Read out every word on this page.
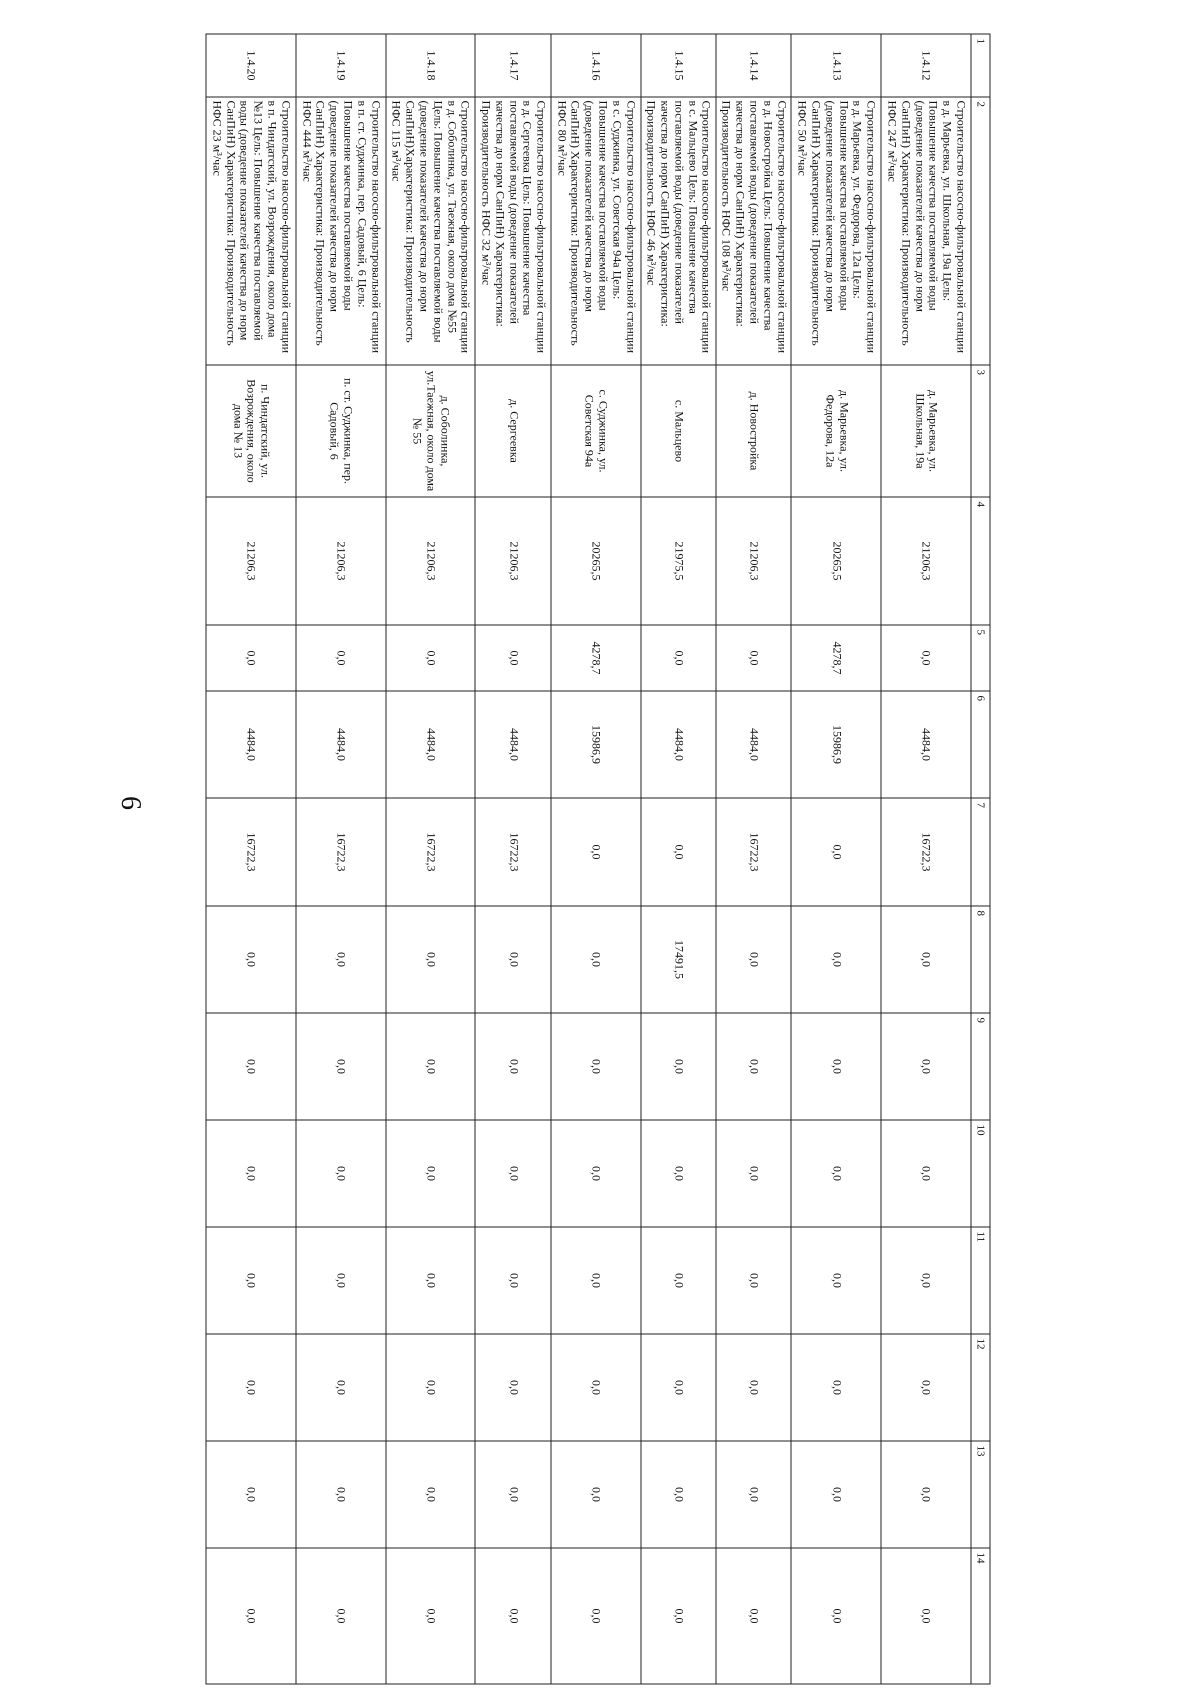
6
1	2	3	4	5	6	7	8	9	10	11	12	13	14
1.4.12	Строительство насосно-фильтровальной станции в д. Марьевка, ул. Школьная, 19а Цель: Повышение качества поставляемой воды (доведение показателей качества до норм СанПиН) Характеристика: Производительность НФС 247 м³/час	д. Марьевка, ул. Школьная, 19а	21206,3	0,0	4484,0	16722,3	0,0	0,0	0,0	0,0	0,0	0,0	0,0
1.4.13	Строительство насосно-фильтровальной станции в д. Марьевка, ул. Федорова, 12а Цель: Повышение качества поставляемой воды (доведение показателей качества до норм СанПиН) Характеристика: Производительность НФС 50 м³/час	д. Марьевка, ул. Федорова, 12а	20265,5	4278,7	15986,9	0,0	0,0	0,0	0,0	0,0	0,0	0,0	0,0
1.4.14	Строительство насосно-фильтровальной станции в д. Новостройка Цель: Повышение качества поставляемой воды (доведение показателей качества до норм СанПиН) Характеристика: Производительность НФС 108 м³/час	д. Новостройка	21206,3	0,0	4484,0	16722,3	0,0	0,0	0,0	0,0	0,0	0,0	0,0
1.4.15	Строительство насосно-фильтровальной станции в с. Мальцево Цель: Повышение качества поставляемой воды (доведение показателей качества до норм СанПиН) Характеристика: Производительность НФС 46 м³/час	с. Мальцево	21975,5	0,0	4484,0	0,0	17491,5	0,0	0,0	0,0	0,0	0,0	0,0
1.4.16	Строительство насосно-фильтровальной станции в с. Суджинка, ул. Советская 94а Цель: Повышение качества поставляемой воды (доведение показателей качества до норм СанПиН) Характеристика: Производительность НФС 80 м³/час	с. Суджинка, ул. Советская 94а	20265,5	4278,7	15986,9	0,0	0,0	0,0	0,0	0,0	0,0	0,0	0,0
1.4.17	Строительство насосно-фильтровальной станции в д. Сергеевка Цель: Повышение качества поставляемой воды (доведение показателей качества до норм СанПиН) Характеристика: Производительность НФС 32 м³/час	д. Сергеевка	21206,3	0,0	4484,0	16722,3	0,0	0,0	0,0	0,0	0,0	0,0	0,0
1.4.18	Строительство насосно-фильтровальной станции в д. Соболинка, ул. Таежная, около дома №55 Цель: Повышение качества поставляемой воды (доведение показателей качества до норм СанПиН)Характеристика: Производительность НФС 115 м³/час	д. Соболинка, ул.Таежная, около дома № 55	21206,3	0,0	4484,0	16722,3	0,0	0,0	0,0	0,0	0,0	0,0	0,0
1.4.19	Строительство насосно-фильтровальной станции в п. ст. Суджинка, пер. Садовый, 6 Цель: Повышение качества поставляемой воды (доведение показателей качества до норм СанПиН) Характеристика: Производительность НФС 444 м³/час	п. ст. Суджинка, пер. Садовый, 6	21206,3	0,0	4484,0	16722,3	0,0	0,0	0,0	0,0	0,0	0,0	0,0
1.4.20	Строительство насосно-фильтровальной станции в п. Чиндатский, ул. Возрождения, около дома №13 Цель: Повышение качества поставляемой воды (доведение показателей качества до норм СанПиН) Характеристика: Производительность НФС 23 м³/час	п. Чиндатский, ул. Возрождения, около дома № 13	21206,3	0,0	4484,0	16722,3	0,0	0,0	0,0	0,0	0,0	0,0	0,0
